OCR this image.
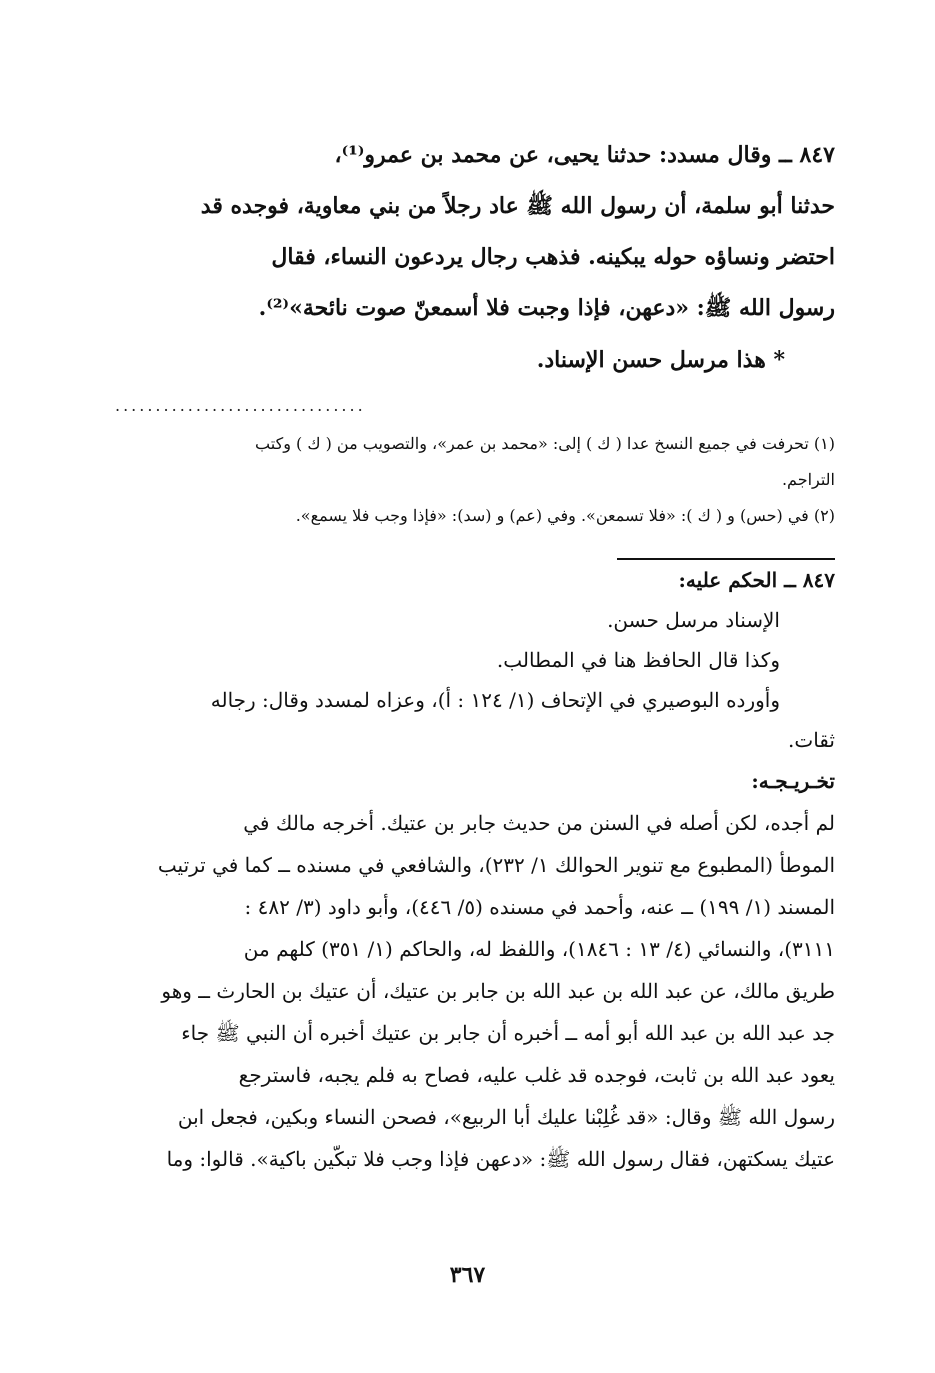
٨٤٧ ــ وقال مسدد: حدثنا يحيى، عن محمد بن عمرو⁽¹⁾،

حدثنا أبو سلمة، أن رسول الله ﷺ عاد رجلاً من بني معاوية، فوجده قد

احتضر ونساؤه حوله يبكينه. فذهب رجال يردعون النساء، فقال

رسول الله ﷺ: «دعهن، فإذا وجبت فلا أسمعنّ صوت نائحة»⁽²⁾.

* هذا مرسل حسن الإسناد.

...............................

(١) تحرفت في جميع النسخ عدا ( ك ) إلى: «محمد بن عمر»، والتصويب من ( ك ) وكتب

التراجم.

(٢) في (حس) و ( ك ): «فلا تسمعن». وفي (عم) و (سد): «فإذا وجب فلا يسمع».

٨٤٧ ــ الحكم عليه:

الإسناد مرسل حسن.

وكذا قال الحافظ هنا في المطالب.

وأورده البوصيري في الإتحاف (١/ ١٢٤ : أ)، وعزاه لمسدد وقال: رجاله

ثقات.

تخـريـجـه:

لم أجده، لكن أصله في السنن من حديث جابر بن عتيك. أخرجه مالك في

الموطأ (المطبوع مع تنوير الحوالك ١/ ٢٣٢)، والشافعي في مسنده ــ كما في ترتيب

المسند (١/ ١٩٩) ــ عنه، وأحمد في مسنده (٥/ ٤٤٦)، وأبو داود (٣/ ٤٨٢ :

٣١١١)، والنسائي (٤/ ١٣ : ١٨٤٦)، واللفظ له، والحاكم (١/ ٣٥١) كلهم من

طريق مالك، عن عبد الله بن عبد الله بن جابر بن عتيك، أن عتيك بن الحارث ــ وهو

جد عبد الله بن عبد الله أبو أمه ــ أخبره أن جابر بن عتيك أخبره أن النبي ﷺ جاء

يعود عبد الله بن ثابت، فوجده قد غلب عليه، فصاح به فلم يجبه، فاسترجع

رسول الله ﷺ وقال: «قد غُلِبْنا عليك أبا الربيع»، فصحن النساء وبكين، فجعل ابن

عتيك يسكتهن، فقال رسول الله ﷺ: «دعهن فإذا وجب فلا تبكّين باكية». قالوا: وما

٣٦٧
